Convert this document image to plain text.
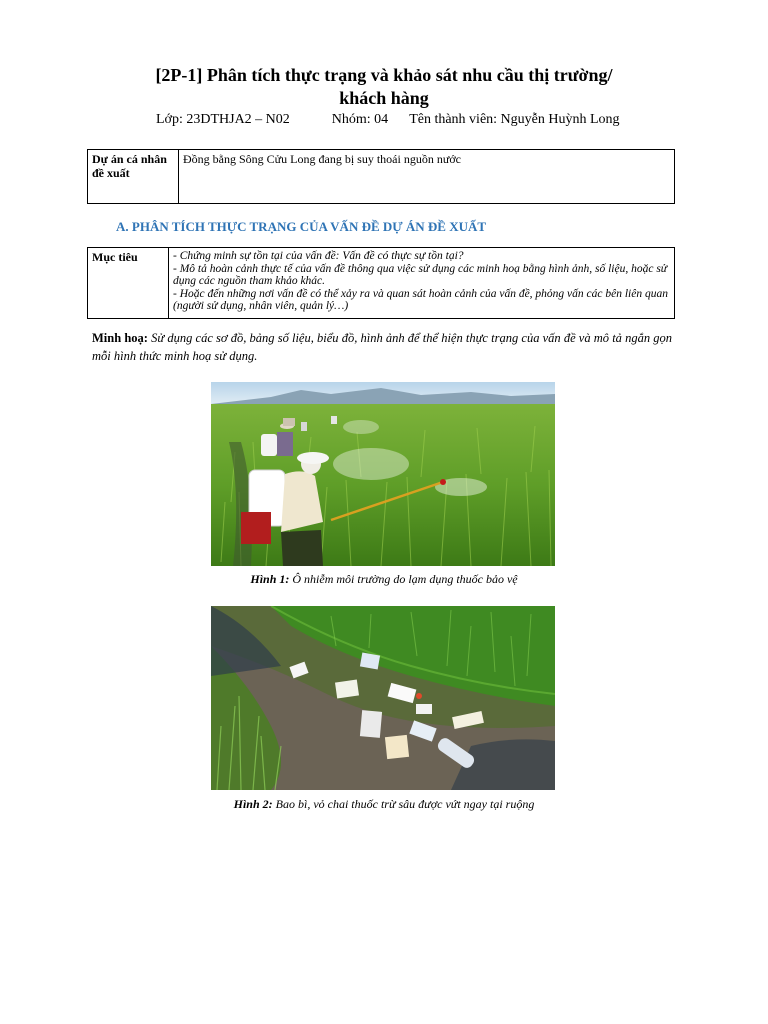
[2P-1] Phân tích thực trạng và khảo sát nhu cầu thị trường/
khách hàng
Lớp: 23DTHJA2 – N02	Nhóm: 04 Tên thành viên: Nguyễn Huỳnh Long
Dự án cá nhân đề xuất	Đồng bằng Sông Cửu Long đang bị suy thoái nguồn nước
A. PHÂN TÍCH THỰC TRẠNG CỦA VẤN ĐỀ DỰ ÁN ĐỀ XUẤT
Mục tiêu	- Chứng minh sự tồn tại của vấn đề: Vấn đề có thực sự tồn tại?
- Mô tả hoàn cảnh thực tế của vấn đề thông qua việc sử dụng các minh hoạ bằng hình ảnh, số liệu, hoặc sử dụng các nguồn tham khảo khác.
- Hoặc đến những nơi vấn đề có thể xảy ra và quan sát hoàn cảnh của vấn đề, phỏng vấn các bên liên quan (người sử dụng, nhân viên, quản lý…)
Minh hoạ: Sử dụng các sơ đồ, bảng số liệu, biểu đồ, hình ảnh để thể hiện thực trạng của vấn đề và mô tả ngắn gọn mỗi hình thức minh hoạ sử dụng.
Hình 1: Ô nhiễm môi trường do lạm dụng thuốc bảo vệ
Hình 2: Bao bì, vỏ chai thuốc trừ sâu được vứt ngay tại ruộng
